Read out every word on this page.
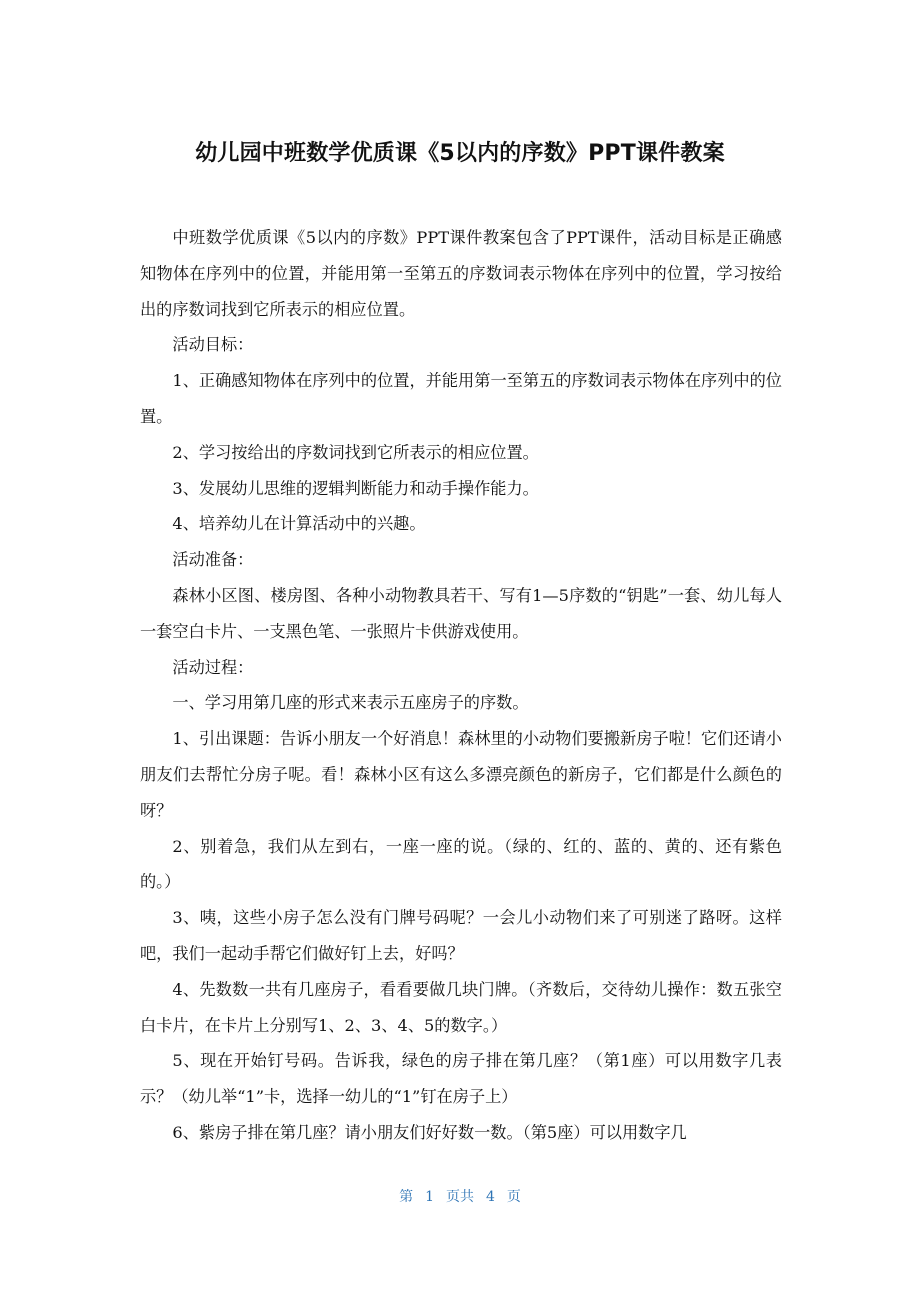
幼儿园中班数学优质课《5以内的序数》PPT课件教案

中班数学优质课《5以内的序数》PPT课件教案包含了PPT课件，活动目标是正确感知物体在序列中的位置，并能用第一至第五的序数词表示物体在序列中的位置，学习按给出的序数词找到它所表示的相应位置。

活动目标：

1、正确感知物体在序列中的位置，并能用第一至第五的序数词表示物体在序列中的位置。

2、学习按给出的序数词找到它所表示的相应位置。

3、发展幼儿思维的逻辑判断能力和动手操作能力。

4、培养幼儿在计算活动中的兴趣。

活动准备：

森林小区图、楼房图、各种小动物教具若干、写有1—5序数的“钥匙”一套、幼儿每人一套空白卡片、一支黑色笔、一张照片卡供游戏使用。

活动过程：

一、学习用第几座的形式来表示五座房子的序数。

1、引出课题：告诉小朋友一个好消息！森林里的小动物们要搬新房子啦！它们还请小朋友们去帮忙分房子呢。看！森林小区有这么多漂亮颜色的新房子，它们都是什么颜色的呀？

2、别着急，我们从左到右，一座一座的说。（绿的、红的、蓝的、黄的、还有紫色的。）

3、咦，这些小房子怎么没有门牌号码呢？一会儿小动物们来了可别迷了路呀。这样吧，我们一起动手帮它们做好钉上去，好吗？

4、先数数一共有几座房子，看看要做几块门牌。（齐数后，交待幼儿操作：数五张空白卡片，在卡片上分别写1、2、3、4、5的数字。）

5、现在开始钉号码。告诉我，绿色的房子排在第几座？（第1座）可以用数字几表示？（幼儿举“1”卡，选择一幼儿的“1”钉在房子上）

6、紫房子排在第几座？请小朋友们好好数一数。（第5座）可以用数字几

第 1 页共 4 页
